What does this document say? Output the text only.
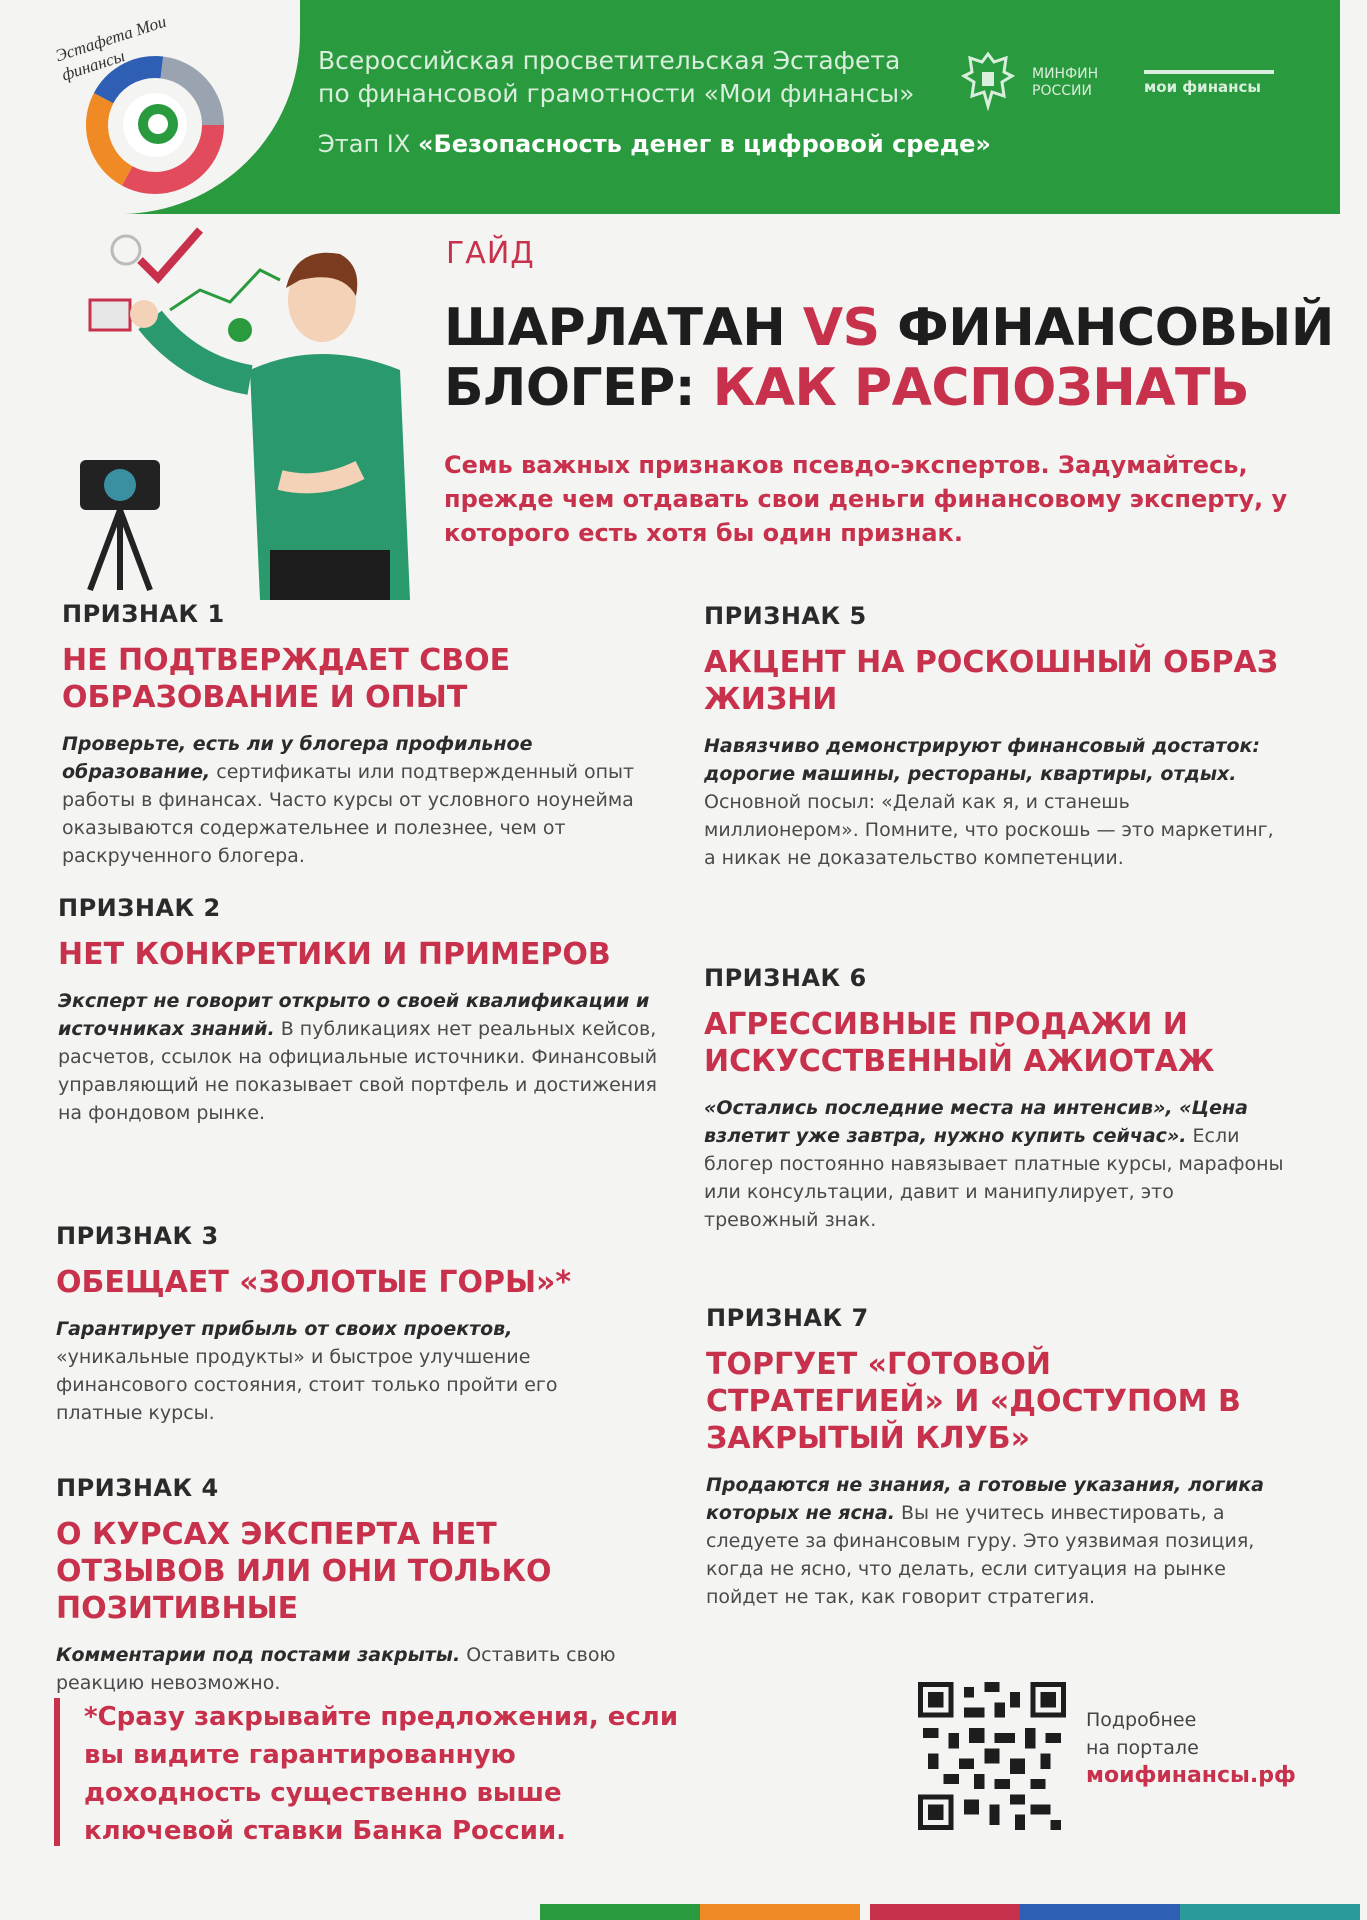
Эстафета Мои финансы	Всероссийская просветительская Эстафета
по финансовой грамотности «Мои финансы»
Этап IX «Безопасность денег в цифровой среде»
МИНФИН
РОССИИ	мои финансы
ГАЙД
ШАРЛАТАН VS ФИНАНСОВЫЙ БЛОГЕР: КАК РАСПОЗНАТЬ
Семь важных признаков псевдо-экспертов. Задумайтесь, прежде чем отдавать свои деньги финансовому эксперту, у которого есть хотя бы один признак.
ПРИЗНАК 1
НЕ ПОДТВЕРЖДАЕТ СВОЕ ОБРАЗОВАНИЕ И ОПЫТ
Проверьте, есть ли у блогера профильное образование, сертификаты или подтвержденный опыт работы в финансах. Часто курсы от условного ноунейма оказываются содержательнее и полезнее, чем от раскрученного блогера.
ПРИЗНАК 2
НЕТ КОНКРЕТИКИ И ПРИМЕРОВ
Эксперт не говорит открыто о своей квалификации и источниках знаний. В публикациях нет реальных кейсов, расчетов, ссылок на официальные источники. Финансовый управляющий не показывает свой портфель и достижения на фондовом рынке.
ПРИЗНАК 3
ОБЕЩАЕТ «ЗОЛОТЫЕ ГОРЫ»*
Гарантирует прибыль от своих проектов, «уникальные продукты» и быстрое улучшение финансового состояния, стоит только пройти его платные курсы.
ПРИЗНАК 4
О КУРСАХ ЭКСПЕРТА НЕТ ОТЗЫВОВ ИЛИ ОНИ ТОЛЬКО ПОЗИТИВНЫЕ
Комментарии под постами закрыты. Оставить свою реакцию невозможно.
ПРИЗНАК 5
АКЦЕНТ НА РОСКОШНЫЙ ОБРАЗ ЖИЗНИ
Навязчиво демонстрируют финансовый достаток: дорогие машины, рестораны, квартиры, отдых. Основной посыл: «Делай как я, и станешь миллионером». Помните, что роскошь — это маркетинг, а никак не доказательство компетенции.
ПРИЗНАК 6
АГРЕССИВНЫЕ ПРОДАЖИ И ИСКУССТВЕННЫЙ АЖИОТАЖ
«Остались последние места на интенсив», «Цена взлетит уже завтра, нужно купить сейчас». Если блогер постоянно навязывает платные курсы, марафоны или консультации, давит и манипулирует, это тревожный знак.
ПРИЗНАК 7
ТОРГУЕТ «ГОТОВОЙ СТРАТЕГИЕЙ» И «ДОСТУПОМ В ЗАКРЫТЫЙ КЛУБ»
Продаются не знания, а готовые указания, логика которых не ясна. Вы не учитесь инвестировать, а следуете за финансовым гуру. Это уязвимая позиция, когда не ясно, что делать, если ситуация на рынке пойдет не так, как говорит стратегия.
*Сразу закрывайте предложения, если вы видите гарантированную доходность существенно выше ключевой ставки Банка России.
Подробнее
на портале
моифинансы.рф
